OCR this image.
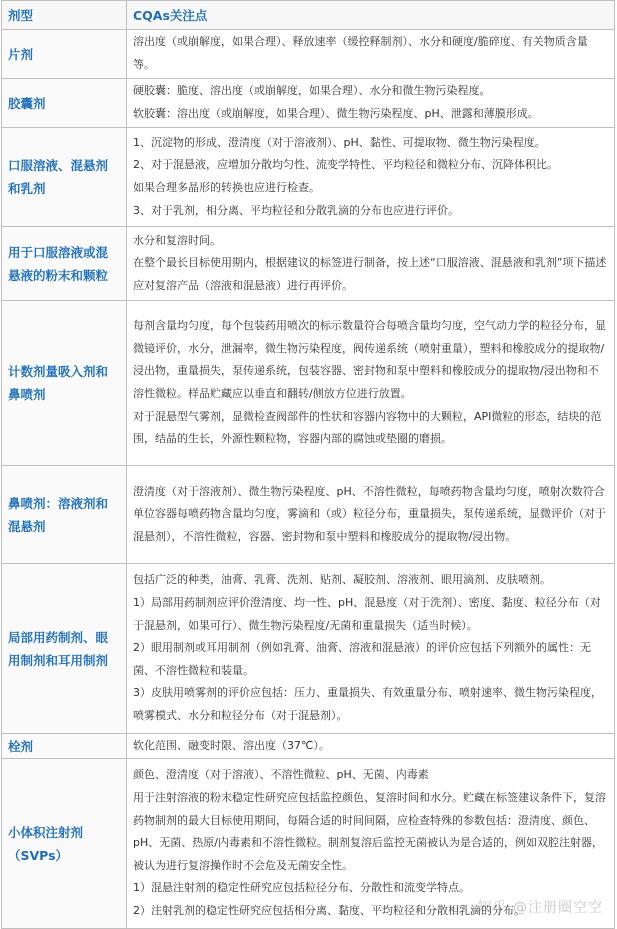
剂型	CQAs关注点
片剂	溶出度（或崩解度，如果合理）、释放速率（缓控释制剂）、水分和硬度/脆碎度、有关物质含量等。

胶囊剂	硬胶囊：脆度、溶出度（或崩解度，如果合理）、水分和微生物污染程度。

软胶囊：溶出度（或崩解度，如果合理）、微生物污染程度、pH、泄露和薄膜形成。

口服溶液、混悬剂和乳剂	1、沉淀物的形成、澄清度（对于溶液剂）、pH、黏性、可提取物、微生物污染程度。

2、对于混悬液，应增加分散均匀性、流变学特性、平均粒径和微粒分布、沉降体积比。

如果合理多晶形的转换也应进行检查。

3、对于乳剂，相分离、平均粒径和分散乳滴的分布也应进行评价。

用于口服溶液或混悬液的粉末和颗粒	水分和复溶时间。

在整个最长目标使用期内，根据建议的标签进行制备，按上述“口服溶液、混悬液和乳剂”项下描述应对复溶产品（溶液和混悬液）进行再评价。

计数剂量吸入剂和鼻喷剂	每剂含量均匀度，每个包装药用喷次的标示数量符合每喷含量均匀度，空气动力学的粒径分布，显微镜评价，水分，泄漏率，微生物污染程度，阀传递系统（喷射重量），塑料和橡胶成分的提取物/浸出物，重量损失，泵传递系统，包装容器、密封物和泵中塑料和橡胶成分的提取物/浸出物和不溶性微粒。样品贮藏应以垂直和翻转/侧放方位进行放置。

对于混悬型气雾剂，显微检查阀部件的性状和容器内容物中的大颗粒，API微粒的形态，结块的范围，结晶的生长，外源性颗粒物，容器内部的腐蚀或垫圈的磨损。

鼻喷剂：溶液剂和混悬剂	澄清度（对于溶液剂）、微生物污染程度、pH、不溶性微粒，每喷药物含量均匀度，喷射次数符合单位容器每喷药物含量均匀度，雾滴和（或）粒径分布，重量损失，泵传递系统，显微评价（对于混悬剂），不溶性微粒，容器、密封物和泵中塑料和橡胶成分的提取物/浸出物。

局部用药制剂、眼用制剂和耳用制剂	包括广泛的种类，油膏、乳膏、洗剂、贴剂、凝胶剂、溶液剂、眼用滴剂、皮肤喷剂。

1）局部用药制剂应评价澄清度、均一性、pH、混悬度（对于洗剂）、密度、黏度、粒径分布（对于混悬剂，如果可行）、微生物污染程度/无菌和重量损失（适当时候）。

2）眼用制剂或耳用制剂（例如乳膏、油膏、溶液和混悬液）的评价应包括下列额外的属性：无菌、不溶性微粒和装量。

3）皮肤用喷雾剂的评价应包括：压力、重量损失、有效重量分布、喷射速率、微生物污染程度，喷雾模式、水分和粒径分布（对于混悬剂）。

栓剂	软化范围、融变时限、溶出度（37℃）。

小体积注射剂（SVPs）	颜色、澄清度（对于溶液）、不溶性微粒、pH、无菌、内毒素

用于注射溶液的粉末稳定性研究应包括监控颜色、复溶时间和水分。贮藏在标签建议条件下，复溶药物制剂的最大目标使用期间，每隔合适的时间间隔，应检查特殊的参数包括：澄清度、颜色、pH、无菌、热原/内毒素和不溶性微粒。制剂复溶后监控无菌被认为是合适的，例如双腔注射器，被认为进行复溶操作时不会危及无菌安全性。

1）混悬注射剂的稳定性研究应包括粒径分布、分散性和流变学特点。

2）注射乳剂的稳定性研究应包括相分离、黏度、平均粒径和分散相乳滴的分布。

知乎 @注册圈空空
